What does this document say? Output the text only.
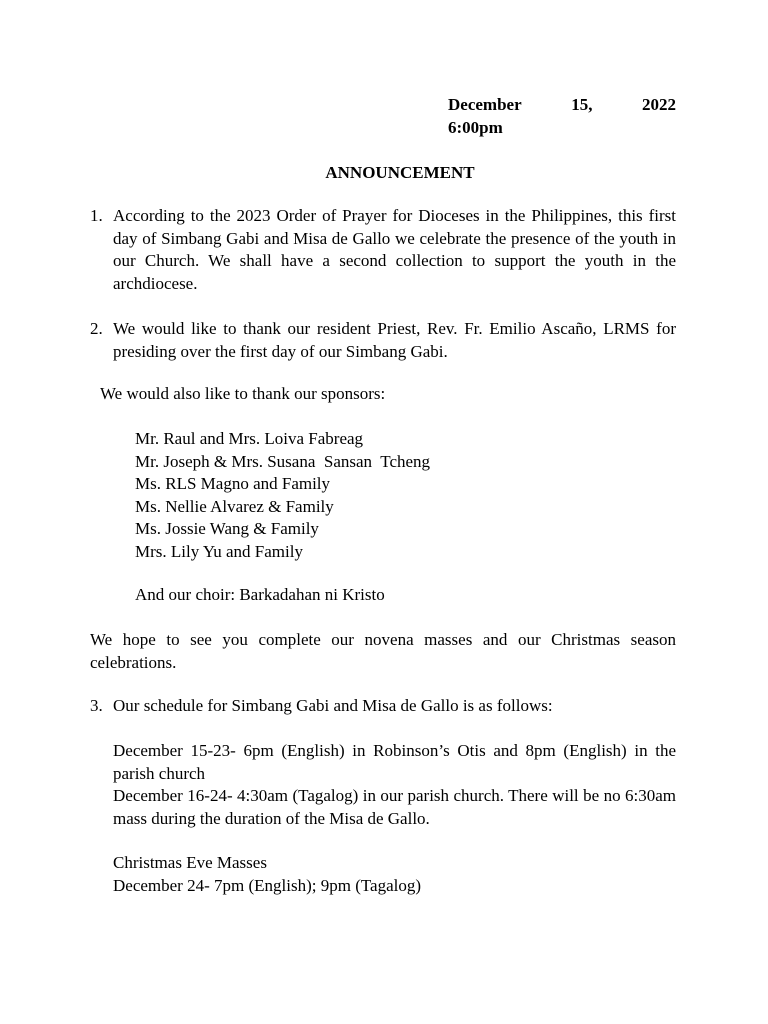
December	15,	2022
6:00pm
ANNOUNCEMENT
1. According to the 2023 Order of Prayer for Dioceses in the Philippines, this first day of Simbang Gabi and Misa de Gallo we celebrate the presence of the youth in our Church. We shall have a second collection to support the youth in the archdiocese.
2. We would like to thank our resident Priest, Rev. Fr. Emilio Ascaño, LRMS for presiding over the first day of our Simbang Gabi.
We would also like to thank our sponsors:
Mr. Raul and Mrs. Loiva Fabreag
Mr. Joseph & Mrs. Susana  Sansan  Tcheng
Ms. RLS Magno and Family
Ms. Nellie Alvarez & Family
Ms. Jossie Wang & Family
Mrs. Lily Yu and Family
And our choir: Barkadahan ni Kristo
We hope to see you complete our novena masses and our Christmas season celebrations.
3. Our schedule for Simbang Gabi and Misa de Gallo is as follows:
December 15-23- 6pm (English) in Robinson’s Otis and 8pm (English) in the parish church
December 16-24- 4:30am (Tagalog) in our parish church. There will be no 6:30am mass during the duration of the Misa de Gallo.
Christmas Eve Masses
December 24- 7pm (English); 9pm (Tagalog)
